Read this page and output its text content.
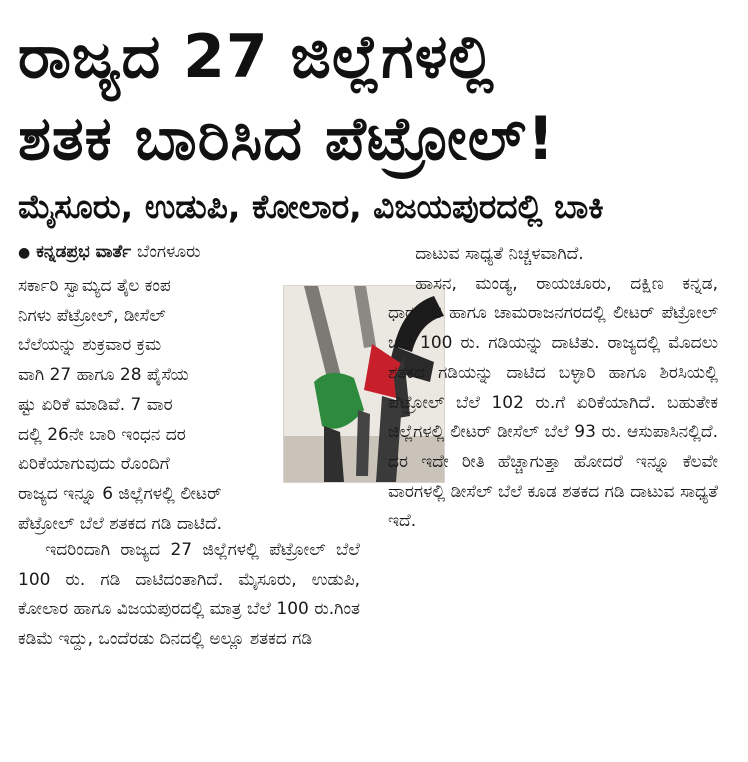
ರಾಜ್ಯದ 27 ಜಿಲ್ಲೆಗಳಲ್ಲಿ
ಶತಕ ಬಾರಿಸಿದ ಪೆಟ್ರೋಲ್!
ಮೈಸೂರು, ಉಡುಪಿ, ಕೋಲಾರ, ವಿಜಯಪುರದಲ್ಲಿ ಬಾಕಿ
● ಕನ್ನಡಪ್ರಭ ವಾರ್ತೆ ಬೆಂಗಳೂರು
ಸರ್ಕಾರಿ ಸ್ವಾಮ್ಯದ ತೈಲ ಕಂಪ
ನಿಗಳು ಪೆಟ್ರೋಲ್, ಡೀಸೆಲ್
ಬೆಲೆಯನ್ನು ಶುಕ್ರವಾರ ಕ್ರಮ
ವಾಗಿ 27 ಹಾಗೂ 28 ಪೈಸೆಯ
ಷ್ಟು ಏರಿಕೆ ಮಾಡಿವೆ. 7 ವಾರ
ದಲ್ಲಿ 26ನೇ ಬಾರಿ ಇಂಧನ ದರ
ಏರಿಕೆಯಾಗುವುದು ರೊಂದಿಗೆ
ರಾಜ್ಯದ ಇನ್ನೂ 6 ಜಿಲ್ಲೆಗಳಲ್ಲಿ ಲೀಟರ್
ಪೆಟ್ರೋಲ್ ಬೆಲೆ ಶತಕದ ಗಡಿ ದಾಟಿದೆ.

ಇದರಿಂದಾಗಿ ರಾಜ್ಯದ 27 ಜಿಲ್ಲೆಗಳಲ್ಲಿ ಪೆಟ್ರೋಲ್ ಬೆಲೆ 100 ರು. ಗಡಿ ದಾಟಿದಂತಾಗಿದೆ. ಮೈಸೂರು, ಉಡುಪಿ, ಕೋಲಾರ ಹಾಗೂ ವಿಜಯಪುರದಲ್ಲಿ ಮಾತ್ರ ಬೆಲೆ 100 ರು.ಗಿಂತ ಕಡಿಮೆ ಇದ್ದು, ಒಂದೆರಡು ದಿನದಲ್ಲಿ ಅಲ್ಲೂ ಶತಕದ ಗಡಿ

ದಾಟುವ ಸಾಧ್ಯತೆ ನಿಚ್ಚಳವಾಗಿದೆ.

ಹಾಸನ, ಮಂಡ್ಯ, ರಾಯಚೂರು, ದಕ್ಷಿಣ ಕನ್ನಡ, ಧಾರವಾಡ ಹಾಗೂ ಚಾಮರಾಜನಗರದಲ್ಲಿ ಲೀಟರ್ ಪೆಟ್ರೋಲ್ ಬೆಲೆ 100 ರು. ಗಡಿಯನ್ನು ದಾಟಿತು. ರಾಜ್ಯದಲ್ಲಿ ಮೊದಲು ಶತಕದ ಗಡಿಯನ್ನು ದಾಟಿದ ಬಳ್ಳಾರಿ ಹಾಗೂ ಶಿರಸಿಯಲ್ಲಿ ಪೆಟ್ರೋಲ್ ಬೆಲೆ 102 ರು.ಗೆ ಏರಿಕೆಯಾಗಿದೆ. ಬಹುತೇಕ ಜಿಲ್ಲೆಗಳಲ್ಲಿ ಲೀಟರ್ ಡೀಸೆಲ್ ಬೆಲೆ 93 ರು. ಆಸುಪಾಸಿನಲ್ಲಿದೆ. ದರ ಇದೇ ರೀತಿ ಹೆಚ್ಚಾಗುತ್ತಾ ಹೋದರೆ ಇನ್ನೂ ಕೆಲವೇ ವಾರಗಳಲ್ಲಿ ಡೀಸೆಲ್ ಬೆಲೆ ಕೂಡ ಶತಕದ ಗಡಿ ದಾಟುವ ಸಾಧ್ಯತೆ ಇದೆ.
